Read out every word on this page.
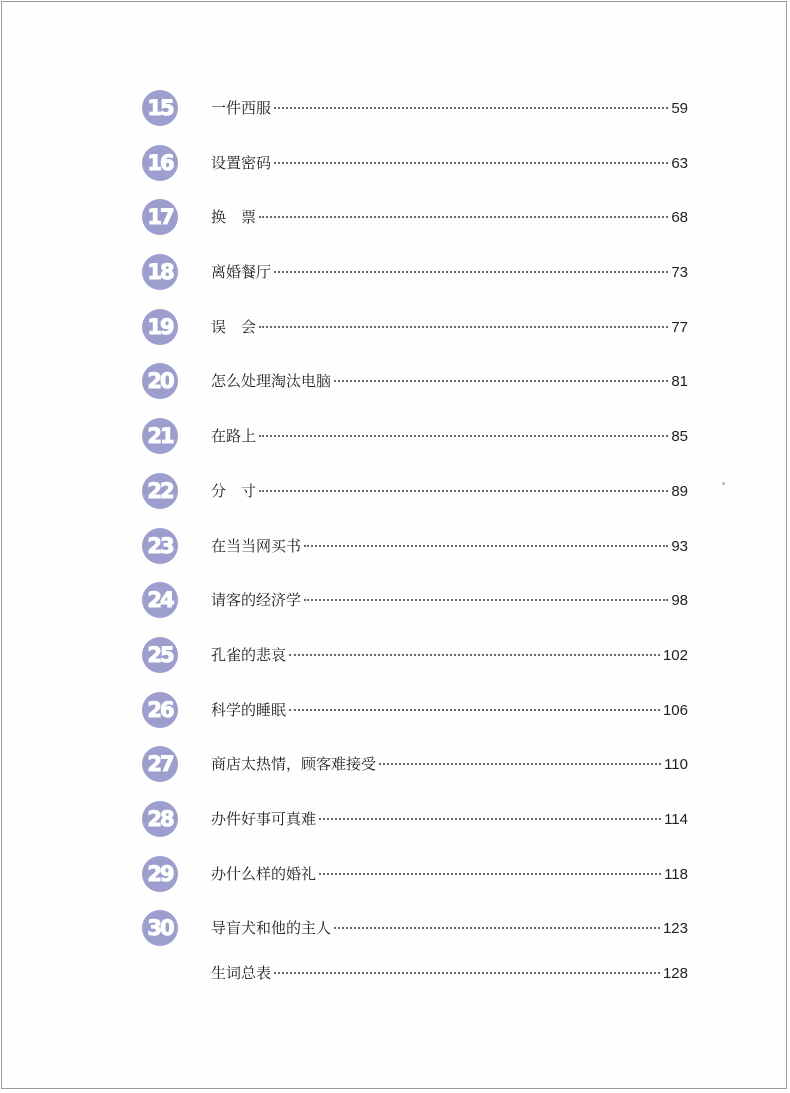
15	一件西服	59
16	设置密码	63
17	换　票	68
18	离婚餐厅	73
19	误　会	77
20	怎么处理淘汰电脑	81
21	在路上	85
22	分　寸	89
23	在当当网买书	93
24	请客的经济学	98
25	孔雀的悲哀	102
26	科学的睡眠	106
27	商店太热情，顾客难接受	110
28	办件好事可真难	114
29	办什么样的婚礼	118
30	导盲犬和他的主人	123
生词总表	128
